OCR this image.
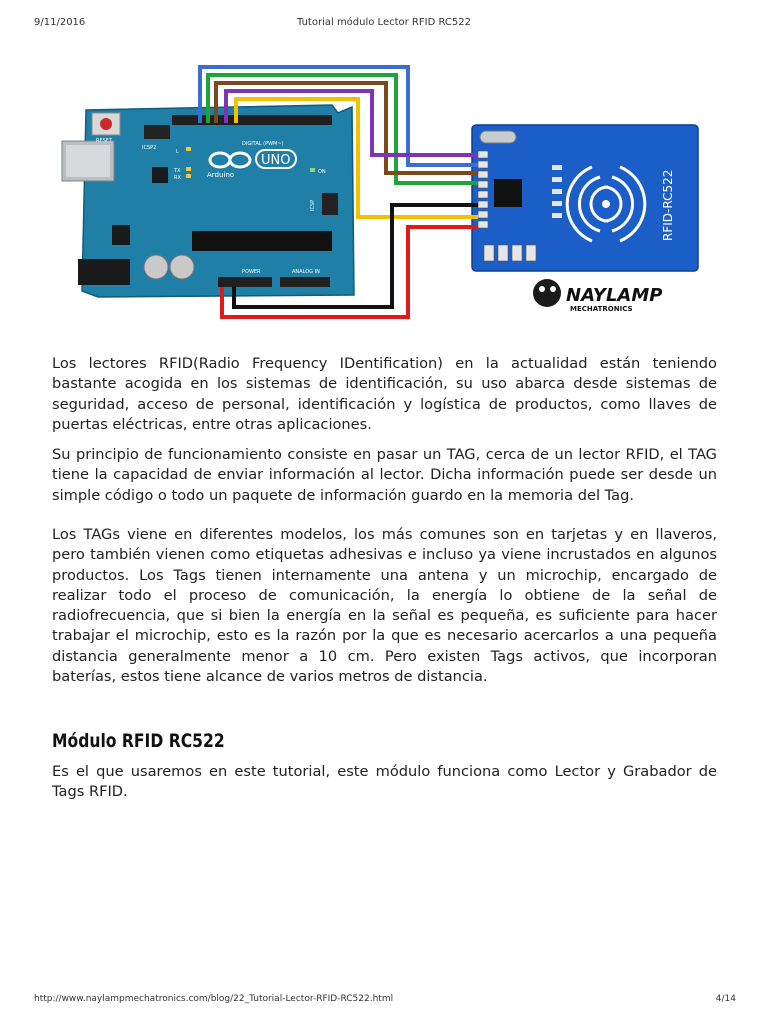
9/11/2016	Tutorial módulo Lector RFID RC522
RESET
ICSP2
DIGITAL (PWM~)
UNO
Arduino	ON
L
TX
RX
ICSP
POWER	ANALOG IN
RFID-RC522
NAYLAMP
MECHATRONICS

Los lectores RFID(Radio Frequency IDentification) en la actualidad están teniendo bastante acogida en los sistemas de identificación, su uso abarca desde sistemas de seguridad, acceso de personal, identificación y logística de productos, como llaves de puertas eléctricas, entre otras aplicaciones.

Su principio de funcionamiento consiste en pasar un TAG, cerca de un lector RFID, el TAG tiene la capacidad de enviar información al lector. Dicha información puede ser desde un simple código o todo un paquete de información guardo en la memoria del Tag.

Los TAGs viene en diferentes modelos, los más comunes son en tarjetas y en llaveros, pero también vienen como etiquetas adhesivas e incluso ya viene incrustados en algunos productos. Los Tags tienen internamente una antena y un microchip, encargado de realizar todo el proceso de comunicación, la energía lo obtiene de la señal de radiofrecuencia, que si bien la energía en la señal es pequeña, es suficiente para hacer trabajar el microchip, esto es la razón por la que es necesario acercarlos a una pequeña distancia generalmente menor a 10 cm. Pero existen Tags activos, que incorporan baterías, estos tiene alcance de varios metros de distancia.

Módulo RFID RC522

Es el que usaremos en este tutorial, este módulo funciona como Lector y Grabador de Tags RFID.

http://www.naylampmechatronics.com/blog/22_Tutorial-Lector-RFID-RC522.html	4/14
